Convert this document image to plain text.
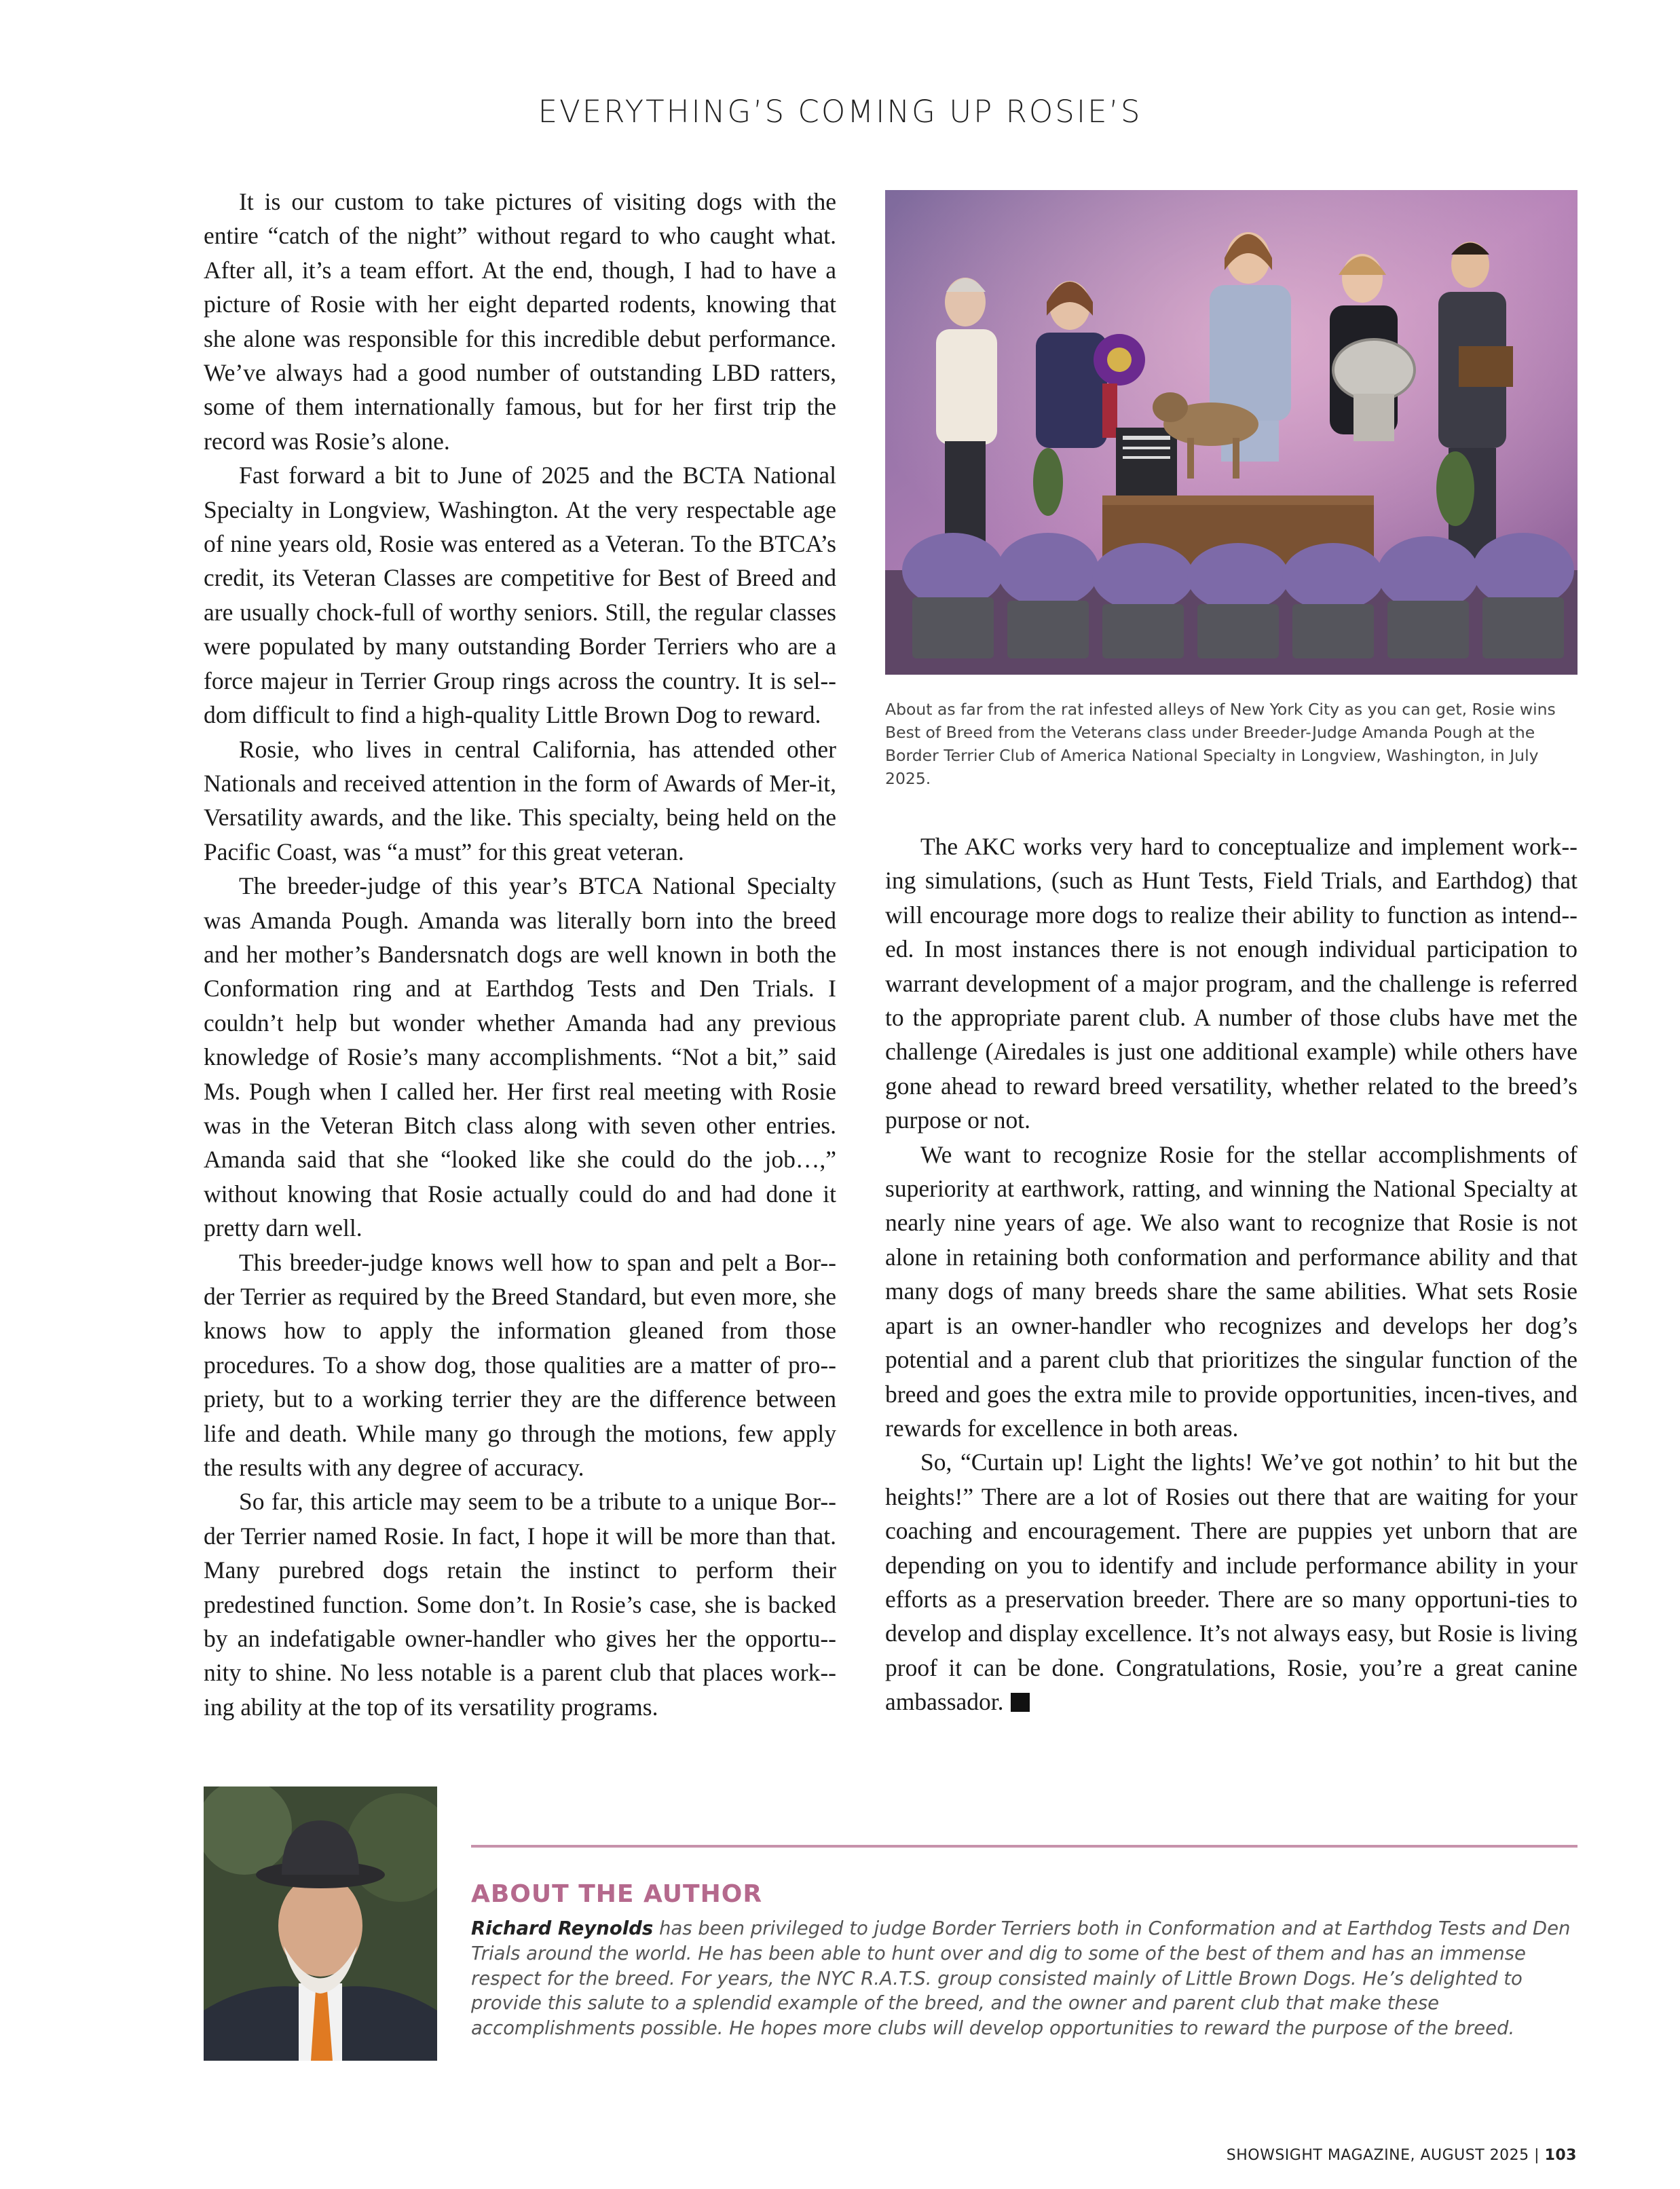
EVERYTHING’S COMING UP ROSIE’S

It is our custom to take pictures of visiting dogs with the entire “catch of the night” without regard to who caught what. After all, it’s a team effort. At the end, though, I had to have a picture of Rosie with her eight departed rodents, knowing that she alone was responsible for this incredible debut performance. We’ve always had a good number of outstanding LBD ratters, some of them internationally famous, but for her first trip the record was Rosie’s alone.

Fast forward a bit to June of 2025 and the BCTA National Specialty in Longview, Washington. At the very respectable age of nine years old, Rosie was entered as a Veteran. To the BTCA’s credit, its Veteran Classes are competitive for Best of Breed and are usually chock-full of worthy seniors. Still, the regular classes were populated by many outstanding Border Terriers who are a force majeur in Terrier Group rings across the country. It is sel-dom difficult to find a high-quality Little Brown Dog to reward.

Rosie, who lives in central California, has attended other Nationals and received attention in the form of Awards of Mer-it, Versatility awards, and the like. This specialty, being held on the Pacific Coast, was “a must” for this great veteran.

The breeder-judge of this year’s BTCA National Specialty was Amanda Pough. Amanda was literally born into the breed and her mother’s Bandersnatch dogs are well known in both the Conformation ring and at Earthdog Tests and Den Trials. I couldn’t help but wonder whether Amanda had any previous knowledge of Rosie’s many accomplishments. “Not a bit,” said Ms. Pough when I called her. Her first real meeting with Rosie was in the Veteran Bitch class along with seven other entries. Amanda said that she “looked like she could do the job…,” without knowing that Rosie actually could do and had done it pretty darn well.

This breeder-judge knows well how to span and pelt a Bor-der Terrier as required by the Breed Standard, but even more, she knows how to apply the information gleaned from those procedures. To a show dog, those qualities are a matter of pro-priety, but to a working terrier they are the difference between life and death. While many go through the motions, few apply the results with any degree of accuracy.

So far, this article may seem to be a tribute to a unique Bor-der Terrier named Rosie. In fact, I hope it will be more than that. Many purebred dogs retain the instinct to perform their predestined function. Some don’t. In Rosie’s case, she is backed by an indefatigable owner-handler who gives her the opportu-nity to shine. No less notable is a parent club that places work-ing ability at the top of its versatility programs.

About as far from the rat infested alleys of New York City as you can get, Rosie wins Best of Breed from the Veterans class under Breeder-Judge Amanda Pough at the Border Terrier Club of America National Specialty in Longview, Washington, in July 2025.

The AKC works very hard to conceptualize and implement work-ing simulations, (such as Hunt Tests, Field Trials, and Earthdog) that will encourage more dogs to realize their ability to function as intend-ed. In most instances there is not enough individual participation to warrant development of a major program, and the challenge is referred to the appropriate parent club. A number of those clubs have met the challenge (Airedales is just one additional example) while others have gone ahead to reward breed versatility, whether related to the breed’s purpose or not.

We want to recognize Rosie for the stellar accomplishments of superiority at earthwork, ratting, and winning the National Specialty at nearly nine years of age. We also want to recognize that Rosie is not alone in retaining both conformation and performance ability and that many dogs of many breeds share the same abilities. What sets Rosie apart is an owner-handler who recognizes and develops her dog’s potential and a parent club that prioritizes the singular function of the breed and goes the extra mile to provide opportunities, incen-tives, and rewards for excellence in both areas.

So, “Curtain up! Light the lights! We’ve got nothin’ to hit but the heights!” There are a lot of Rosies out there that are waiting for your coaching and encouragement. There are puppies yet unborn that are depending on you to identify and include performance ability in your efforts as a preservation breeder. There are so many opportuni-ties to develop and display excellence. It’s not always easy, but Rosie is living proof it can be done. Congratulations, Rosie, you’re a great canine ambassador.

ABOUT THE AUTHOR
Richard Reynolds has been privileged to judge Border Terriers both in Conformation and at Earthdog Tests and Den Trials around the world. He has been able to hunt over and dig to some of the best of them and has an immense respect for the breed. For years, the NYC R.A.T.S. group consisted mainly of Little Brown Dogs. He’s delighted to provide this salute to a splendid example of the breed, and the owner and parent club that make these accomplishments possible. He hopes more clubs will develop opportunities to reward the purpose of the breed.
SHOWSIGHT MAGAZINE, AUGUST 2025 | 103
